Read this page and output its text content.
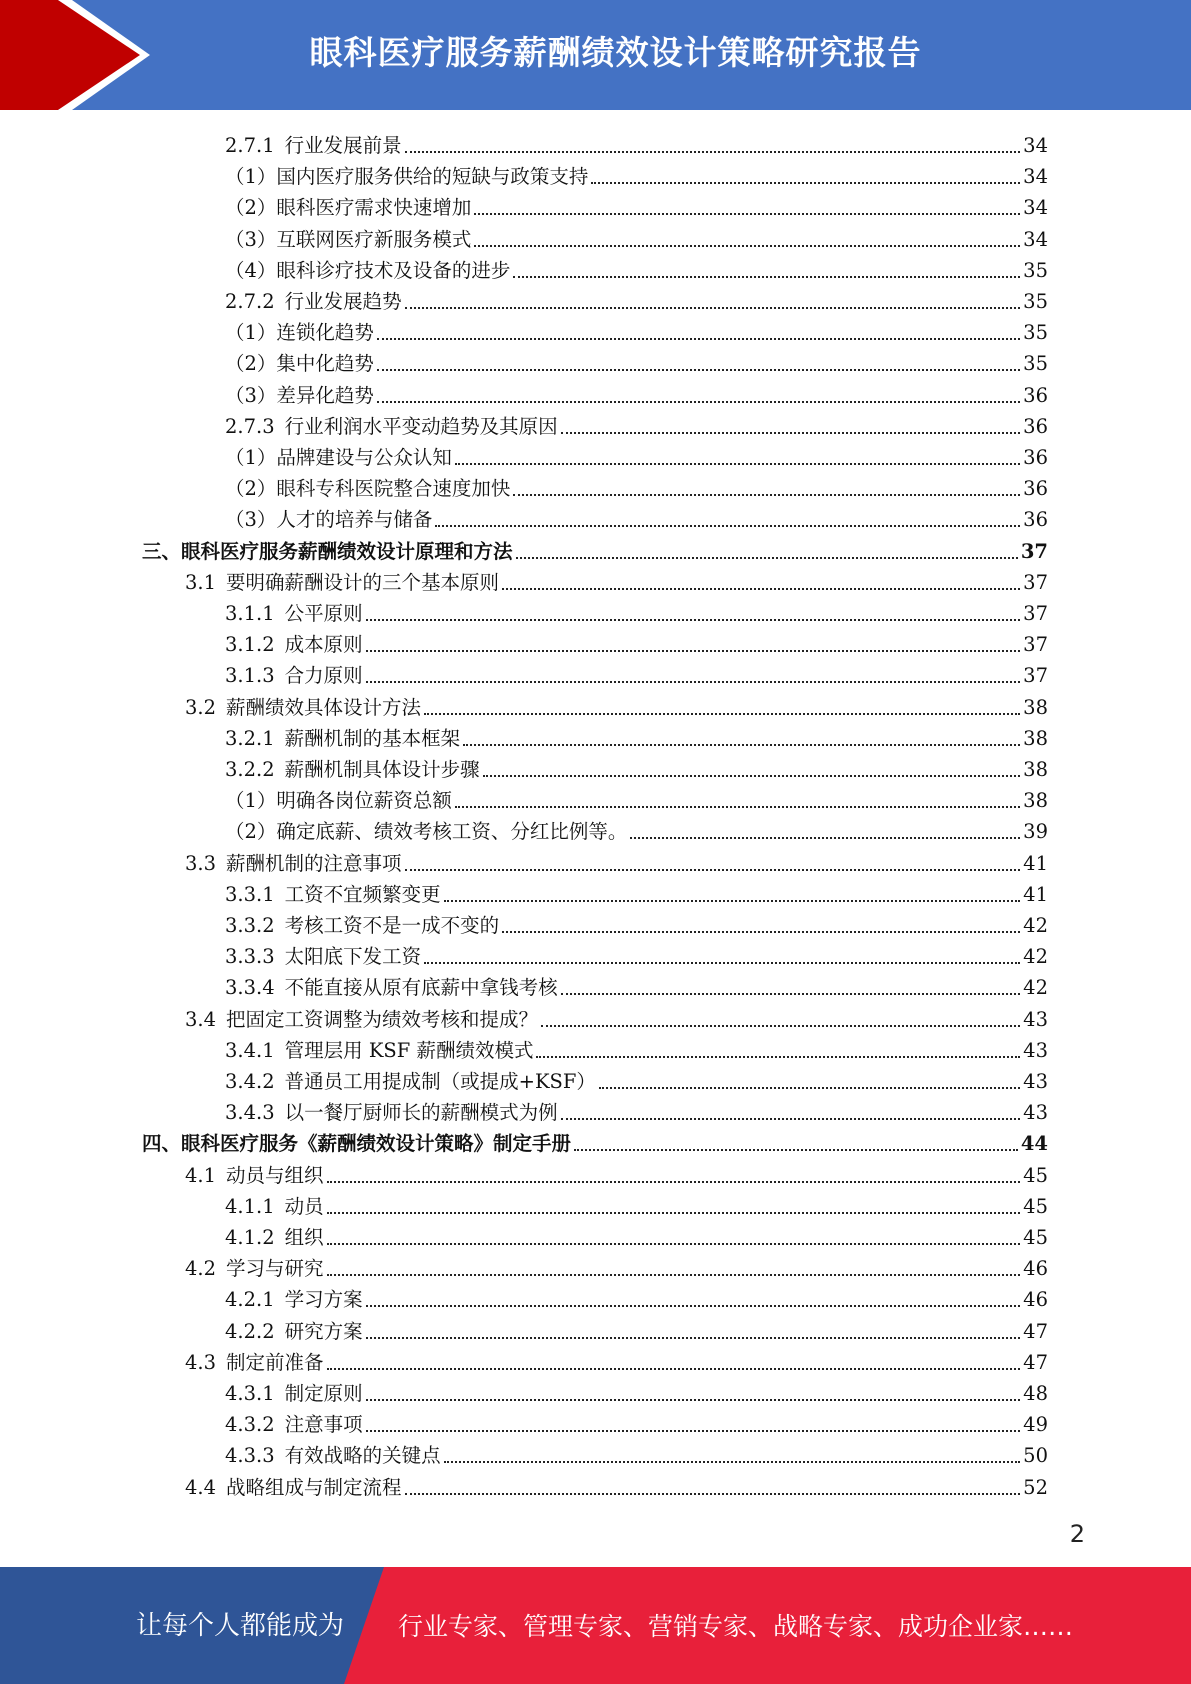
眼科医疗服务薪酬绩效设计策略研究报告
2.7.1 行业发展前景	34
（1）国内医疗服务供给的短缺与政策支持	34
（2）眼科医疗需求快速增加	34
（3）互联网医疗新服务模式	34
（4）眼科诊疗技术及设备的进步	35
2.7.2 行业发展趋势	35
（1）连锁化趋势	35
（2）集中化趋势	35
（3）差异化趋势	36
2.7.3 行业利润水平变动趋势及其原因	36
（1）品牌建设与公众认知	36
（2）眼科专科医院整合速度加快	36
（3）人才的培养与储备	36
三、眼科医疗服务薪酬绩效设计原理和方法	37
3.1 要明确薪酬设计的三个基本原则	37
3.1.1 公平原则	37
3.1.2 成本原则	37
3.1.3 合力原则	37
3.2 薪酬绩效具体设计方法	38
3.2.1 薪酬机制的基本框架	38
3.2.2 薪酬机制具体设计步骤	38
（1）明确各岗位薪资总额	38
（2）确定底薪、绩效考核工资、分红比例等。	39
3.3 薪酬机制的注意事项	41
3.3.1 工资不宜频繁变更	41
3.3.2 考核工资不是一成不变的	42
3.3.3 太阳底下发工资	42
3.3.4 不能直接从原有底薪中拿钱考核	42
3.4 把固定工资调整为绩效考核和提成？	43
3.4.1 管理层用 KSF 薪酬绩效模式	43
3.4.2 普通员工用提成制（或提成+KSF）	43
3.4.3 以一餐厅厨师长的薪酬模式为例	43
四、眼科医疗服务《薪酬绩效设计策略》制定手册	44
4.1 动员与组织	45
4.1.1 动员	45
4.1.2 组织	45
4.2 学习与研究	46
4.2.1 学习方案	46
4.2.2 研究方案	47
4.3 制定前准备	47
4.3.1 制定原则	48
4.3.2 注意事项	49
4.3.3 有效战略的关键点	50
4.4 战略组成与制定流程	52
2
让每个人都能成为	行业专家、管理专家、营销专家、战略专家、成功企业家……
